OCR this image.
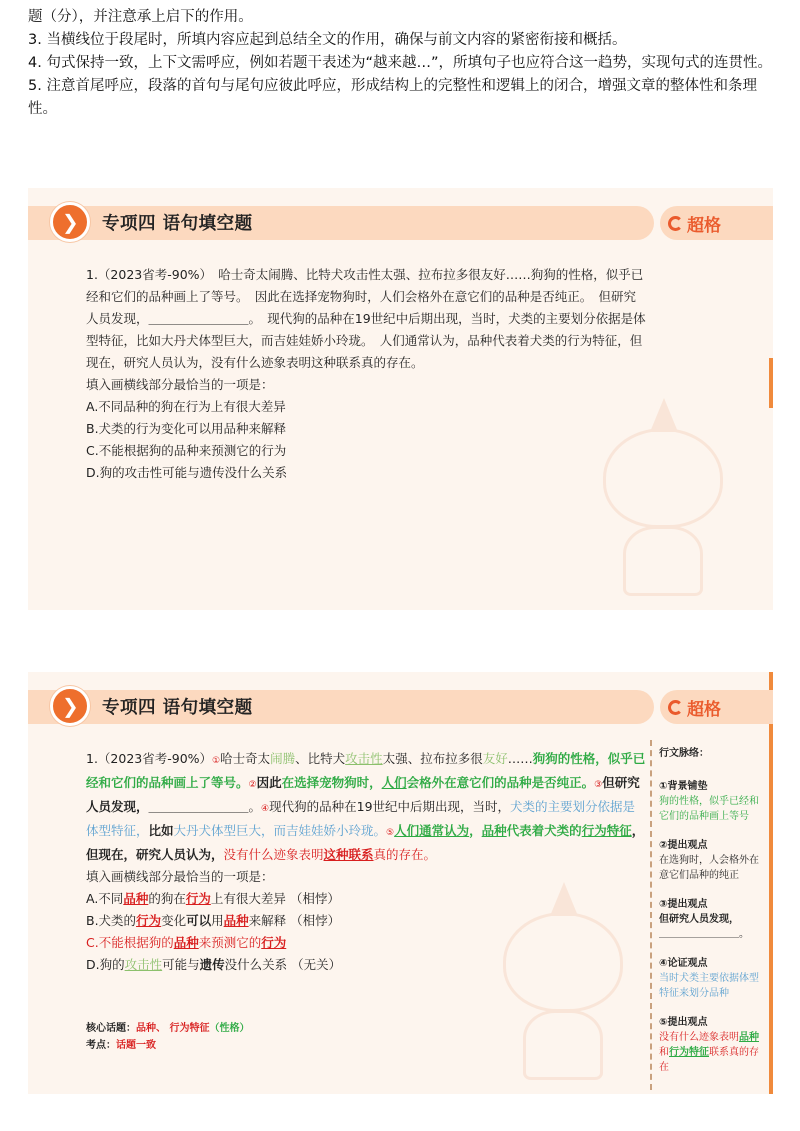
题（分），并注意承上启下的作用。

3. 当横线位于段尾时，所填内容应起到总结全文的作用，确保与前文内容的紧密衔接和概括。

4. 句式保持一致，上下文需呼应，例如若题干表述为“越来越…”，所填句子也应符合这一趋势，实现句式的连贯性。

5. 注意首尾呼应，段落的首句与尾句应彼此呼应，形成结构上的完整性和逻辑上的闭合，增强文章的整体性和条理性。

❯ 专项四 语句填空题	超格
1.（2023省考-90%）　哈士奇太闹腾、比特犬攻击性太强、拉布拉多很友好……狗狗的性格，似乎已经和它们的品种画上了等号。　因此在选择宠物狗时，人们会格外在意它们的品种是否纯正。　但研究人员发现，＿＿＿＿＿＿＿＿。　现代狗的品种在19世纪中后期出现，当时，犬类的主要划分依据是体型特征，比如大丹犬体型巨大，而吉娃娃娇小玲珑。　人们通常认为，品种代表着犬类的行为特征，但现在，研究人员认为，没有什么迹象表明这种联系真的存在。
填入画横线部分最恰当的一项是：
A.不同品种的狗在行为上有很大差异
B.犬类的行为变化可以用品种来解释
C.不能根据狗的品种来预测它的行为
D.狗的攻击性可能与遗传没什么关系
❯ 专项四 语句填空题	超格
1.（2023省考-90%）①哈士奇太闹腾、比特犬攻击性太强、拉布拉多很友好……狗狗的性格，似乎已经和它们的品种画上了等号。②因此在选择宠物狗时，人们会格外在意它们的品种是否纯正。③但研究人员发现，＿＿＿＿＿＿＿＿。④现代狗的品种在19世纪中后期出现，当时，犬类的主要划分依据是体型特征，比如大丹犬体型巨大，而吉娃娃娇小玲珑。⑤人们通常认为，品种代表着犬类的行为特征，但现在，研究人员认为，没有什么迹象表明这种联系真的存在。
填入画横线部分最恰当的一项是：
A.不同品种的狗在行为上有很大差异 （相悖）
B.犬类的行为变化可以用品种来解释 （相悖）
C.不能根据狗的品种来预测它的行为
D.狗的攻击性可能与遗传没什么关系 （无关）
核心话题：品种、 行为特征（性格）
考点：话题一致
行文脉络：
①背景铺垫
狗的性格，似乎已经和它们的品种画上等号
②提出观点
在选狗时，人会格外在意它们品种的纯正
③提出观点
但研究人员发现，
＿＿＿＿＿＿＿＿。
④论证观点
当时犬类主要依据体型特征来划分品种
⑤提出观点
没有什么迹象表明品种和行为特征联系真的存在
